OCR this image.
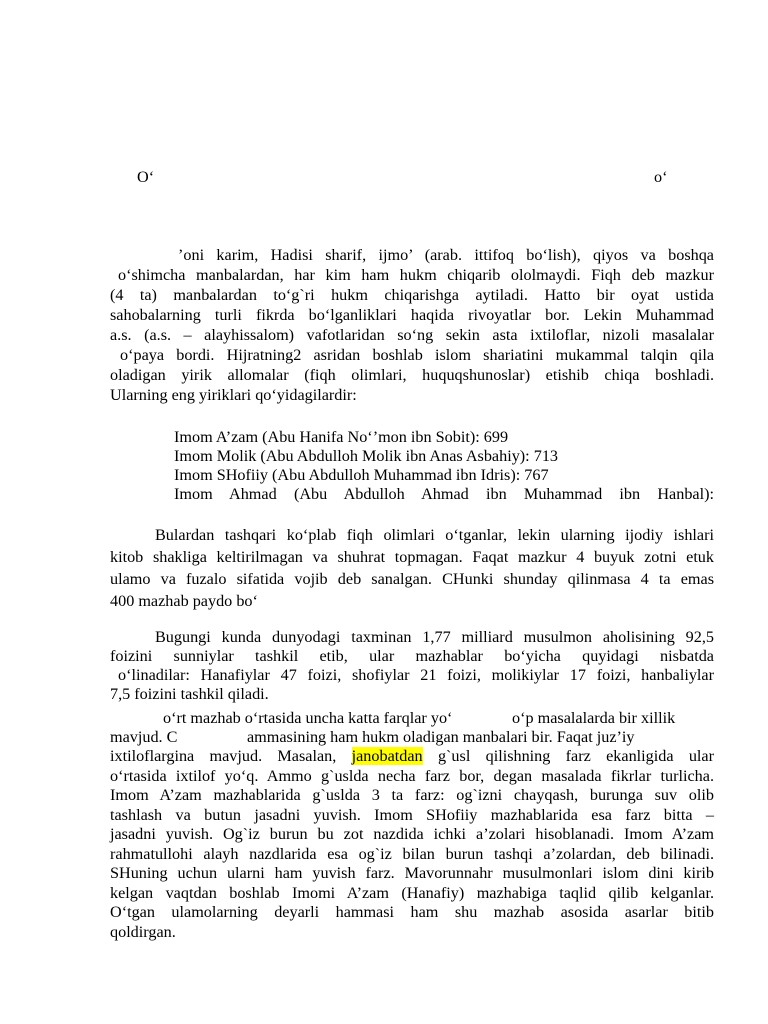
O‘	o‘
’oni karim, Hadisi sharif, ijmo’ (arab. ittifoq bo‘lish), qiyos va boshqa
o‘shimcha manbalardan, har kim ham hukm chiqarib ololmaydi. Fiqh deb mazkur
(4 ta) manbalardan to‘g`ri hukm chiqarishga aytiladi. Hatto bir oyat ustida
sahobalarning turli fikrda bo‘lganliklari haqida rivoyatlar bor. Lekin Muhammad
a.s. (a.s. – alayhissalom) vafotlaridan so‘ng sekin asta ixtiloflar, nizoli masalalar
o‘paya bordi. Hijratning2 asridan boshlab islom shariatini mukammal talqin qila
oladigan yirik allomalar (fiqh olimlari, huquqshunoslar) etishib chiqa boshladi.
Ularning eng yiriklari qo‘yidagilardir:
Imom A’zam (Abu Hanifa No‘’mon ibn Sobit): 699
Imom Molik (Abu Abdulloh Molik ibn Anas Asbahiy): 713
Imom SHofiiy (Abu Abdulloh Muhammad ibn Idris): 767
Imom Ahmad (Abu Abdulloh Ahmad ibn Muhammad ibn Hanbal):
Bulardan tashqari ko‘plab fiqh olimlari o‘tganlar, lekin ularning ijodiy ishlari
kitob shakliga keltirilmagan va shuhrat topmagan. Faqat mazkur 4 buyuk zotni etuk
ulamo va fuzalo sifatida vojib deb sanalgan. CHunki shunday qilinmasa 4 ta emas
400 mazhab paydo bo‘
Bugungi kunda dunyodagi taxminan 1,77 milliard musulmon aholisining 92,5
foizini sunniylar tashkil etib, ular mazhablar bo‘yicha quyidagi nisbatda
o‘linadilar: Hanafiylar 47 foizi, shofiylar 21 foizi, molikiylar 17 foizi, hanbaliylar
7,5 foizini tashkil qiladi.
o‘rt mazhab o‘rtasida uncha katta farqlar yo‘	o‘p masalalarda bir xillik
mavjud. C	ammasining ham hukm oladigan manbalari bir. Faqat juz’iy
ixtiloflargina mavjud. Masalan, janobatdan g`usl qilishning farz ekanligida ular
o‘rtasida ixtilof yo‘q. Ammo g`uslda necha farz bor, degan masalada fikrlar turlicha.
Imom A’zam mazhablarida g`uslda 3 ta farz: og`izni chayqash, burunga suv olib
tashlash va butun jasadni yuvish. Imom SHofiiy mazhablarida esa farz bitta –
jasadni yuvish. Og`iz burun bu zot nazdida ichki a’zolari hisoblanadi. Imom A’zam
rahmatullohi alayh nazdlarida esa og`iz bilan burun tashqi a’zolardan, deb bilinadi.
SHuning uchun ularni ham yuvish farz. Mavorunnahr musulmonlari islom dini kirib
kelgan vaqtdan boshlab Imomi A’zam (Hanafiy) mazhabiga taqlid qilib kelganlar.
O‘tgan ulamolarning deyarli hammasi ham shu mazhab asosida asarlar bitib
qoldirgan.
